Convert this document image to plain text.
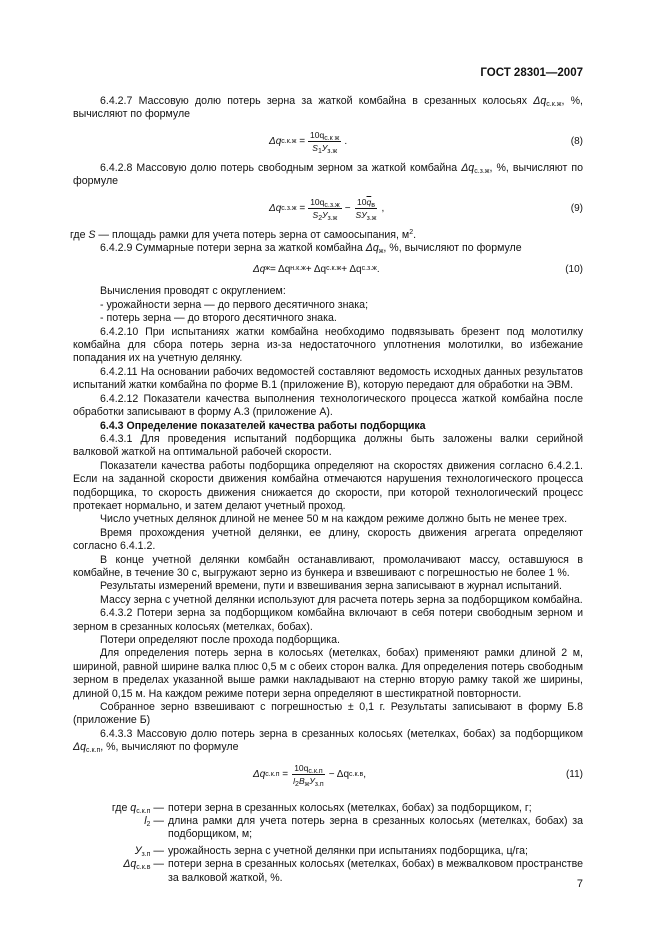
ГОСТ 28301—2007

6.4.2.7 Массовую долю потерь зерна за жаткой комбайна в срезанных колосьях $\Delta q_{с.к.ж}$, %, вычисляют по формуле

Δq $с.к.ж = \frac{10q_{с.к ж}}{S_1У_{з.ж}}$ .	(8)

6.4.2.8 Массовую долю потерь свободным зерном за жаткой комбайна $\Delta q_{с.з.ж}$, %, вычисляют по формуле

Δq $с.з.ж = \frac{10q_{с.з.ж}}{S_2У_{з.ж}} - \frac{10\overline{q}_в}{SУ_{з.ж}}$ ,	(9)

где S — площадь рамки для учета потерь зерна от самоосыпания, $м^2$.

6.4.2.9 Суммарные потери зерна за жаткой комбайна $\Delta q_ж$, %, вычисляют по формуле

Δq ж = Δq н.к.ж + Δq с.к.ж + Δq с.з.ж .	(10)

Вычисления проводят с округлением:

- урожайности зерна — до первого десятичного знака;

- потерь зерна — до второго десятичного знака.

6.4.2.10 При испытаниях жатки комбайна необходимо подвязывать брезент под молотилку комбайна для сбора потерь зерна из-за недостаточного уплотнения молотилки, во избежание попадания их на учетную делянку.

6.4.2.11 На основании рабочих ведомостей составляют ведомость исходных данных результатов испытаний жатки комбайна по форме В.1 (приложение В), которую передают для обработки на ЭВМ.

6.4.2.12 Показатели качества выполнения технологического процесса жаткой комбайна после обработки записывают в форму А.3 (приложение А).

6.4.3 Определение показателей качества работы подборщика

6.4.3.1 Для проведения испытаний подборщика должны быть заложены валки серийной валковой жаткой на оптимальной рабочей скорости.

Показатели качества работы подборщика определяют на скоростях движения согласно 6.4.2.1. Если на заданной скорости движения комбайна отмечаются нарушения технологического процесса подборщика, то скорость движения снижается до скорости, при которой технологический процесс протекает нормально, и затем делают учетный проход.

Число учетных делянок длиной не менее 50 м на каждом режиме должно быть не менее трех.

Время прохождения учетной делянки, ее длину, скорость движения агрегата определяют согласно 6.4.1.2.

В конце учетной делянки комбайн останавливают, промолачивают массу, оставшуюся в комбайне, в течение 30 с, выгружают зерно из бункера и взвешивают с погрешностью не более 1 %.

Результаты измерений времени, пути и взвешивания зерна записывают в журнал испытаний.

Массу зерна с учетной делянки используют для расчета потерь зерна за подборщиком комбайна.

6.4.3.2 Потери зерна за подборщиком комбайна включают в себя потери свободным зерном и зерном в срезанных колосьях (метелках, бобах).

Потери определяют после прохода подборщика.

Для определения потерь зерна в колосьях (метелках, бобах) применяют рамки длиной 2 м, шириной, равной ширине валка плюс 0,5 м с обеих сторон валка. Для определения потерь свободным зерном в пределах указанной выше рамки накладывают на стерню вторую рамку такой же ширины, длиной 0,15 м. На каждом режиме потери зерна определяют в шестикратной повторности.

Собранное зерно взвешивают с погрешностью ± 0,1 г. Результаты записывают в форму Б.8 (приложение Б)

6.4.3.3 Массовую долю потерь зерна в срезанных колосьях (метелках, бобах) за подборщиком $\Delta q_{с.к.п}$, %, вычисляют по формуле

Δq $с.к.п = \frac{10q_{с.к.п}}{l_2B_жУ_{з.п}} - \Delta q$ с.к.в ,	(11)
где $q_{с.к.п}$ — потери зерна в срезанных колосьях (метелках, бобах) за подборщиком, г;
$l_2$ — длина рамки для учета потерь зерна в срезанных колосьях (метелках, бобах) за подборщиком, м;
$У_{з.п}$ — урожайность зерна с учетной делянки при испытаниях подборщика, ц/га;
$\Delta q_{с.к.в}$ — потери зерна в срезанных колосьях (метелках, бобах) в межвалковом пространстве за валковой жаткой, %.
7
